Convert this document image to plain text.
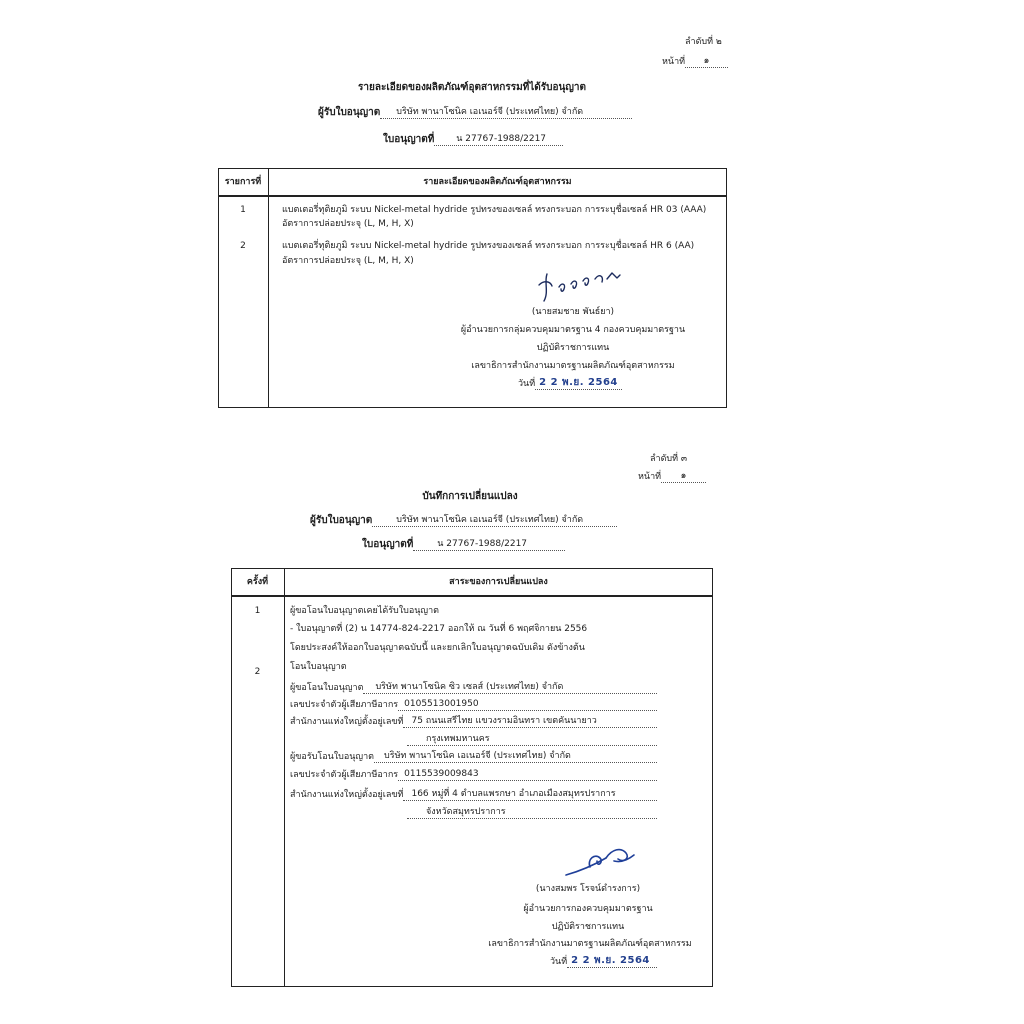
ลำดับที่ ๒
หน้าที่	๑
รายละเอียดของผลิตภัณฑ์อุตสาหกรรมที่ได้รับอนุญาต
ผู้รับใบอนุญาต	บริษัท พานาโซนิค เอเนอร์จี (ประเทศไทย) จำกัด
ใบอนุญาตที่	น 27767-1988/2217
รายการที่	รายละเอียดของผลิตภัณฑ์อุตสาหกรรม
1	แบตเตอรี่ทุติยภูมิ ระบบ Nickel-metal hydride รูปทรงของเซลล์ ทรงกระบอก การระบุชื่อเซลล์ HR 03 (AAA)
อัตราการปล่อยประจุ (L, M, H, X)
2	แบตเตอรี่ทุติยภูมิ ระบบ Nickel-metal hydride รูปทรงของเซลล์ ทรงกระบอก การระบุชื่อเซลล์ HR 6 (AA)
อัตราการปล่อยประจุ (L, M, H, X)
(นายสมชาย พันธ์ยา)
ผู้อำนวยการกลุ่มควบคุมมาตรฐาน 4 กองควบคุมมาตรฐาน
ปฏิบัติราชการแทน
เลขาธิการสำนักงานมาตรฐานผลิตภัณฑ์อุตสาหกรรม
วันที่ 2 2 พ.ย. 2564
ลำดับที่ ๓
หน้าที่	๑
บันทึกการเปลี่ยนแปลง
ผู้รับใบอนุญาต	บริษัท พานาโซนิค เอเนอร์จี (ประเทศไทย) จำกัด
ใบอนุญาตที่	น 27767-1988/2217
ครั้งที่	สาระของการเปลี่ยนแปลง
1	ผู้ขอโอนใบอนุญาตเคยได้รับใบอนุญาต
- ใบอนุญาตที่ (2) น 14774-824-2217 ออกให้ ณ วันที่ 6 พฤศจิกายน 2556
โดยประสงค์ให้ออกใบอนุญาตฉบับนี้ และยกเลิกใบอนุญาตฉบับเดิม ดังข้างต้น
2	โอนใบอนุญาต
ผู้ขอโอนใบอนุญาต	บริษัท พานาโซนิค ซิว เซลส์ (ประเทศไทย) จำกัด
เลขประจำตัวผู้เสียภาษีอากร 0105513001950
สำนักงานแห่งใหญ่ตั้งอยู่เลขที่ 75 ถนนเสรีไทย แขวงรามอินทรา เขตคันนายาว
กรุงเทพมหานคร
ผู้ขอรับโอนใบอนุญาต	บริษัท พานาโซนิค เอเนอร์จี (ประเทศไทย) จำกัด
เลขประจำตัวผู้เสียภาษีอากร 0115539009843
สำนักงานแห่งใหญ่ตั้งอยู่เลขที่ 166 หมู่ที่ 4 ตำบลแพรกษา อำเภอเมืองสมุทรปราการ
จังหวัดสมุทรปราการ
(นางสมพร โรจน์ดำรงการ)
ผู้อำนวยการกองควบคุมมาตรฐาน
ปฏิบัติราชการแทน
เลขาธิการสำนักงานมาตรฐานผลิตภัณฑ์อุตสาหกรรม
วันที่ 2 2 พ.ย. 2564
